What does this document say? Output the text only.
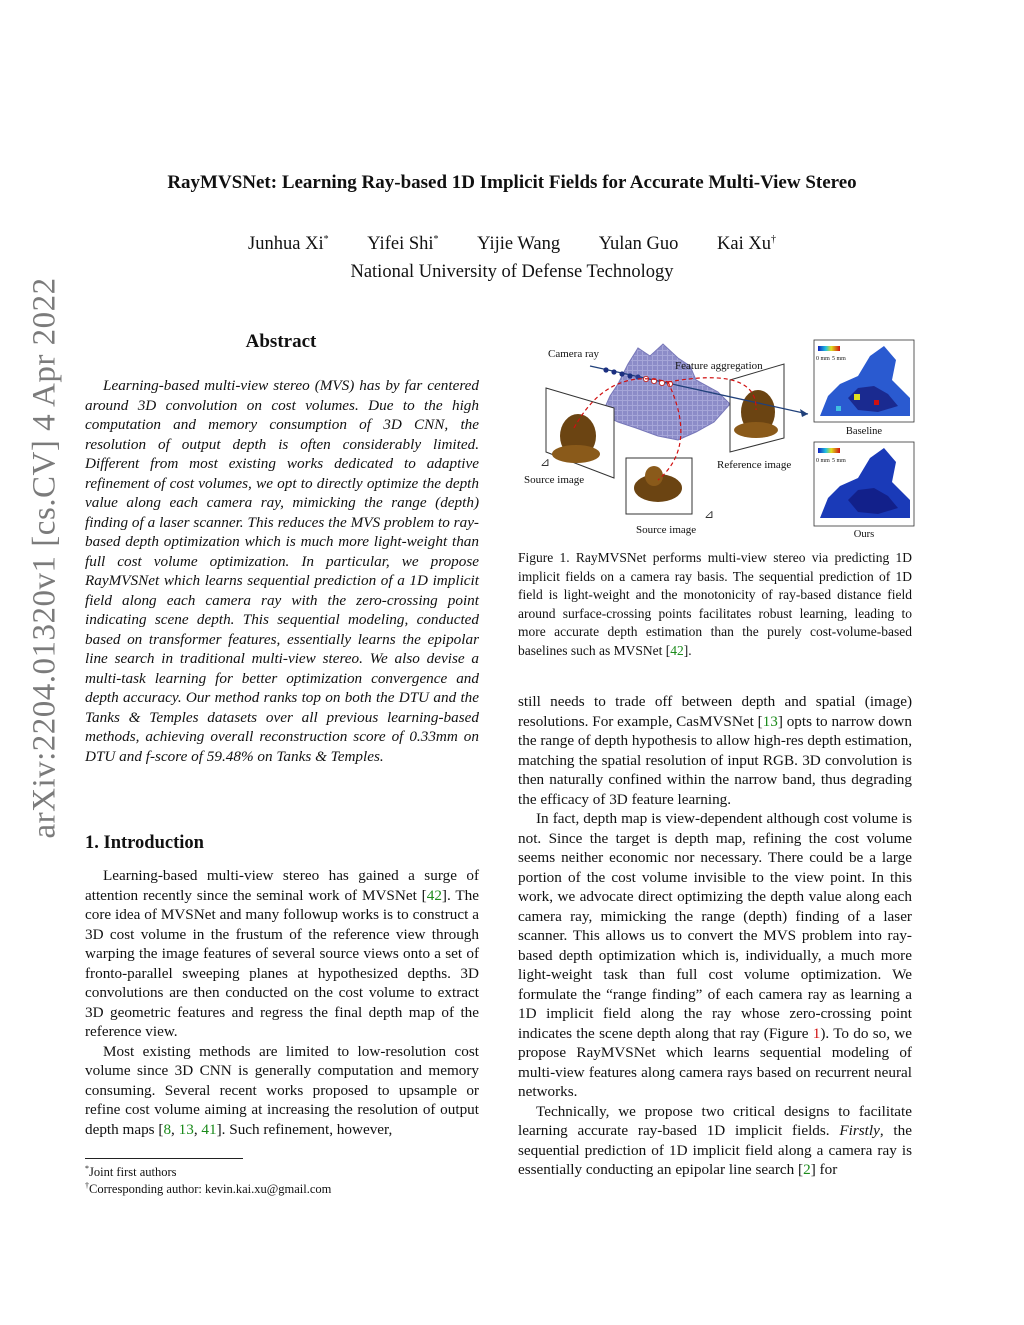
RayMVSNet: Learning Ray-based 1D Implicit Fields for Accurate Multi-View Stereo
Junhua Xi* Yifei Shi* Yijie Wang Yulan Guo Kai Xu†
National University of Defense Technology
arXiv:2204.01320v1 [cs.CV] 4 Apr 2022	Abstract
Learning-based multi-view stereo (MVS) has by far centered around 3D convolution on cost volumes. Due to the high computation and memory consumption of 3D CNN, the resolution of output depth is often considerably limited. Different from most existing works dedicated to adaptive refinement of cost volumes, we opt to directly optimize the depth value along each camera ray, mimicking the range (depth) finding of a laser scanner. This reduces the MVS problem to ray-based depth optimization which is much more light-weight than full cost volume optimization. In particular, we propose RayMVSNet which learns sequential prediction of a 1D implicit field along each camera ray with the zero-crossing point indicating scene depth. This sequential modeling, conducted based on transformer features, essentially learns the epipolar line search in traditional multi-view stereo. We also devise a multi-task learning for better optimization convergence and depth accuracy. Our method ranks top on both the DTU and the Tanks & Temples datasets over all previous learning-based methods, achieving overall reconstruction score of 0.33mm on DTU and f-score of 59.48% on Tanks & Temples.
1. Introduction

Learning-based multi-view stereo has gained a surge of attention recently since the seminal work of MVSNet [42]. The core idea of MVSNet and many followup works is to construct a 3D cost volume in the frustum of the reference view through warping the image features of several source views onto a set of fronto-parallel sweeping planes at hypothesized depths. 3D convolutions are then conducted on the cost volume to extract 3D geometric features and regress the final depth map of the reference view.

Most existing methods are limited to low-resolution cost volume since 3D CNN is generally computation and memory consuming. Several recent works proposed to upsample or refine cost volume aiming at increasing the resolution of output depth maps [8, 13, 41]. Such refinement, however,

*Joint first authors
†Corresponding author: kevin.kai.xu@gmail.com
⊿
⊿
Camera ray
Feature aggregation
Source image
Source image
Reference image
0 mm 5 mm
Baseline
0 mm 5 mm
Ours
Figure 1. RayMVSNet performs multi-view stereo via predicting 1D implicit fields on a camera ray basis. The sequential prediction of 1D field is light-weight and the monotonicity of ray-based distance field around surface-crossing points facilitates robust learning, leading to more accurate depth estimation than the purely cost-volume-based baselines such as MVSNet [42].

still needs to trade off between depth and spatial (image) resolutions. For example, CasMVSNet [13] opts to narrow down the range of depth hypothesis to allow high-res depth estimation, matching the spatial resolution of input RGB. 3D convolution is then naturally confined within the narrow band, thus degrading the efficacy of 3D feature learning.

In fact, depth map is view-dependent although cost volume is not. Since the target is depth map, refining the cost volume seems neither economic nor necessary. There could be a large portion of the cost volume invisible to the view point. In this work, we advocate direct optimizing the depth value along each camera ray, mimicking the range (depth) finding of a laser scanner. This allows us to convert the MVS problem into ray-based depth optimization which is, individually, a much more light-weight task than full cost volume optimization. We formulate the “range finding” of each camera ray as learning a 1D implicit field along the ray whose zero-crossing point indicates the scene depth along that ray (Figure 1). To do so, we propose RayMVSNet which learns sequential modeling of multi-view features along camera rays based on recurrent neural networks.

Technically, we propose two critical designs to facilitate learning accurate ray-based 1D implicit fields. Firstly, the sequential prediction of 1D implicit field along a camera ray is essentially conducting an epipolar line search [2] for
